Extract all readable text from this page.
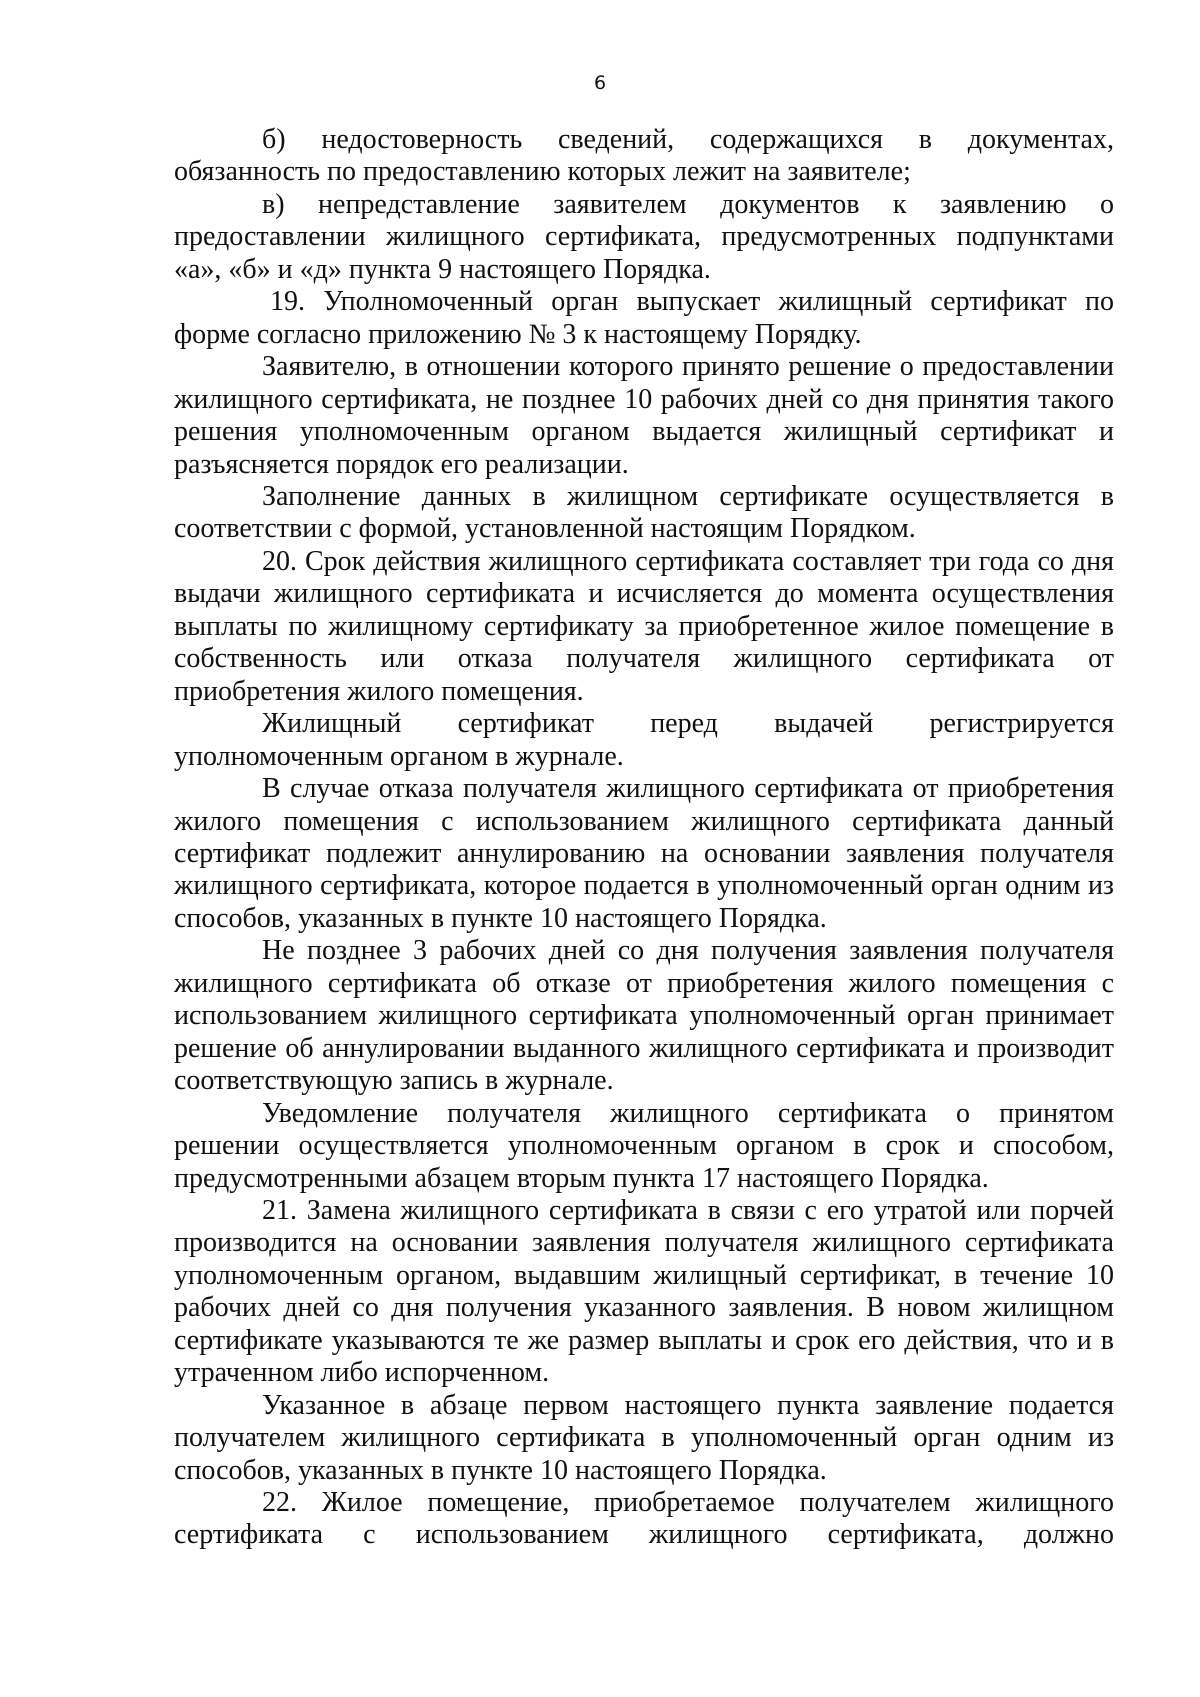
6

б) недостоверность сведений, содержащихся в документах, обязанность по предоставлению которых лежит на заявителе;

в) непредставление заявителем документов к заявлению о предоставлении жилищного сертификата, предусмотренных подпунктами «а», «б» и «д» пункта 9 настоящего Порядка.

19. Уполномоченный орган выпускает жилищный сертификат по форме согласно приложению № 3 к настоящему Порядку.

Заявителю, в отношении которого принято решение о предоставлении жилищного сертификата, не позднее 10 рабочих дней со дня принятия такого решения уполномоченным органом выдается жилищный сертификат и разъясняется порядок его реализации.

Заполнение данных в жилищном сертификате осуществляется в соответствии с формой, установленной настоящим Порядком.

20. Срок действия жилищного сертификата составляет три года со дня выдачи жилищного сертификата и исчисляется до момента осуществления выплаты по жилищному сертификату за приобретенное жилое помещение в собственность или отказа получателя жилищного сертификата от приобретения жилого помещения.

Жилищный сертификат перед выдачей регистрируется уполномоченным органом в журнале.

В случае отказа получателя жилищного сертификата от приобретения жилого помещения с использованием жилищного сертификата данный сертификат подлежит аннулированию на основании заявления получателя жилищного сертификата, которое подается в уполномоченный орган одним из способов, указанных в пункте 10 настоящего Порядка.

Не позднее 3 рабочих дней со дня получения заявления получателя жилищного сертификата об отказе от приобретения жилого помещения с использованием жилищного сертификата уполномоченный орган принимает решение об аннулировании выданного жилищного сертификата и производит соответствующую запись в журнале.

Уведомление получателя жилищного сертификата о принятом решении осуществляется уполномоченным органом в срок и способом, предусмотренными абзацем вторым пункта 17 настоящего Порядка.

21. Замена жилищного сертификата в связи с его утратой или порчей производится на основании заявления получателя жилищного сертификата уполномоченным органом, выдавшим жилищный сертификат, в течение 10 рабочих дней со дня получения указанного заявления. В новом жилищном сертификате указываются те же размер выплаты и срок его действия, что и в утраченном либо испорченном.

Указанное в абзаце первом настоящего пункта заявление подается получателем жилищного сертификата в уполномоченный орган одним из способов, указанных в пункте 10 настоящего Порядка.

22. Жилое помещение, приобретаемое получателем жилищного сертификата с использованием жилищного сертификата, должно
